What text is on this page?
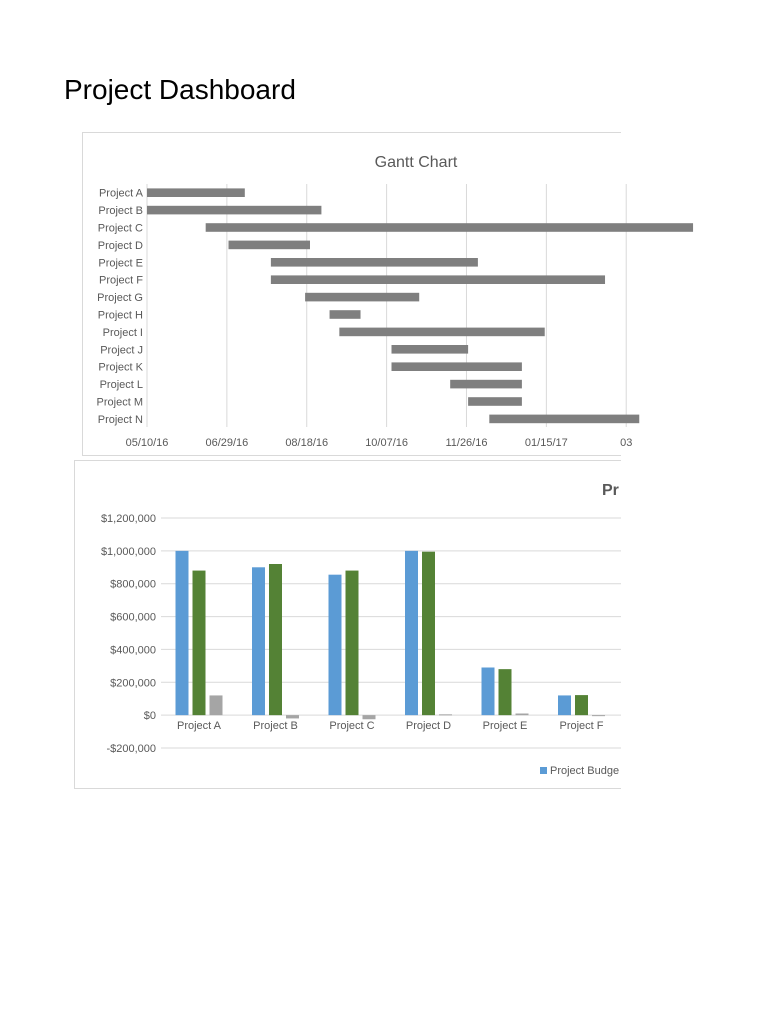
Project Dashboard
Gantt Chart
Project A
Project B
Project C
Project D
Project E
Project F
Project G
Project H
Project I
Project J
Project K
Project L
Project M
Project N
05/10/16	06/29/16	08/18/16	10/07/16	11/26/16	01/15/17	03
Pr
$1,200,000
$1,000,000
$800,000
$600,000
$400,000
$200,000
$0
-$200,000
Project A	Project B	Project C	Project D	Project E	Project F
Project Budge
